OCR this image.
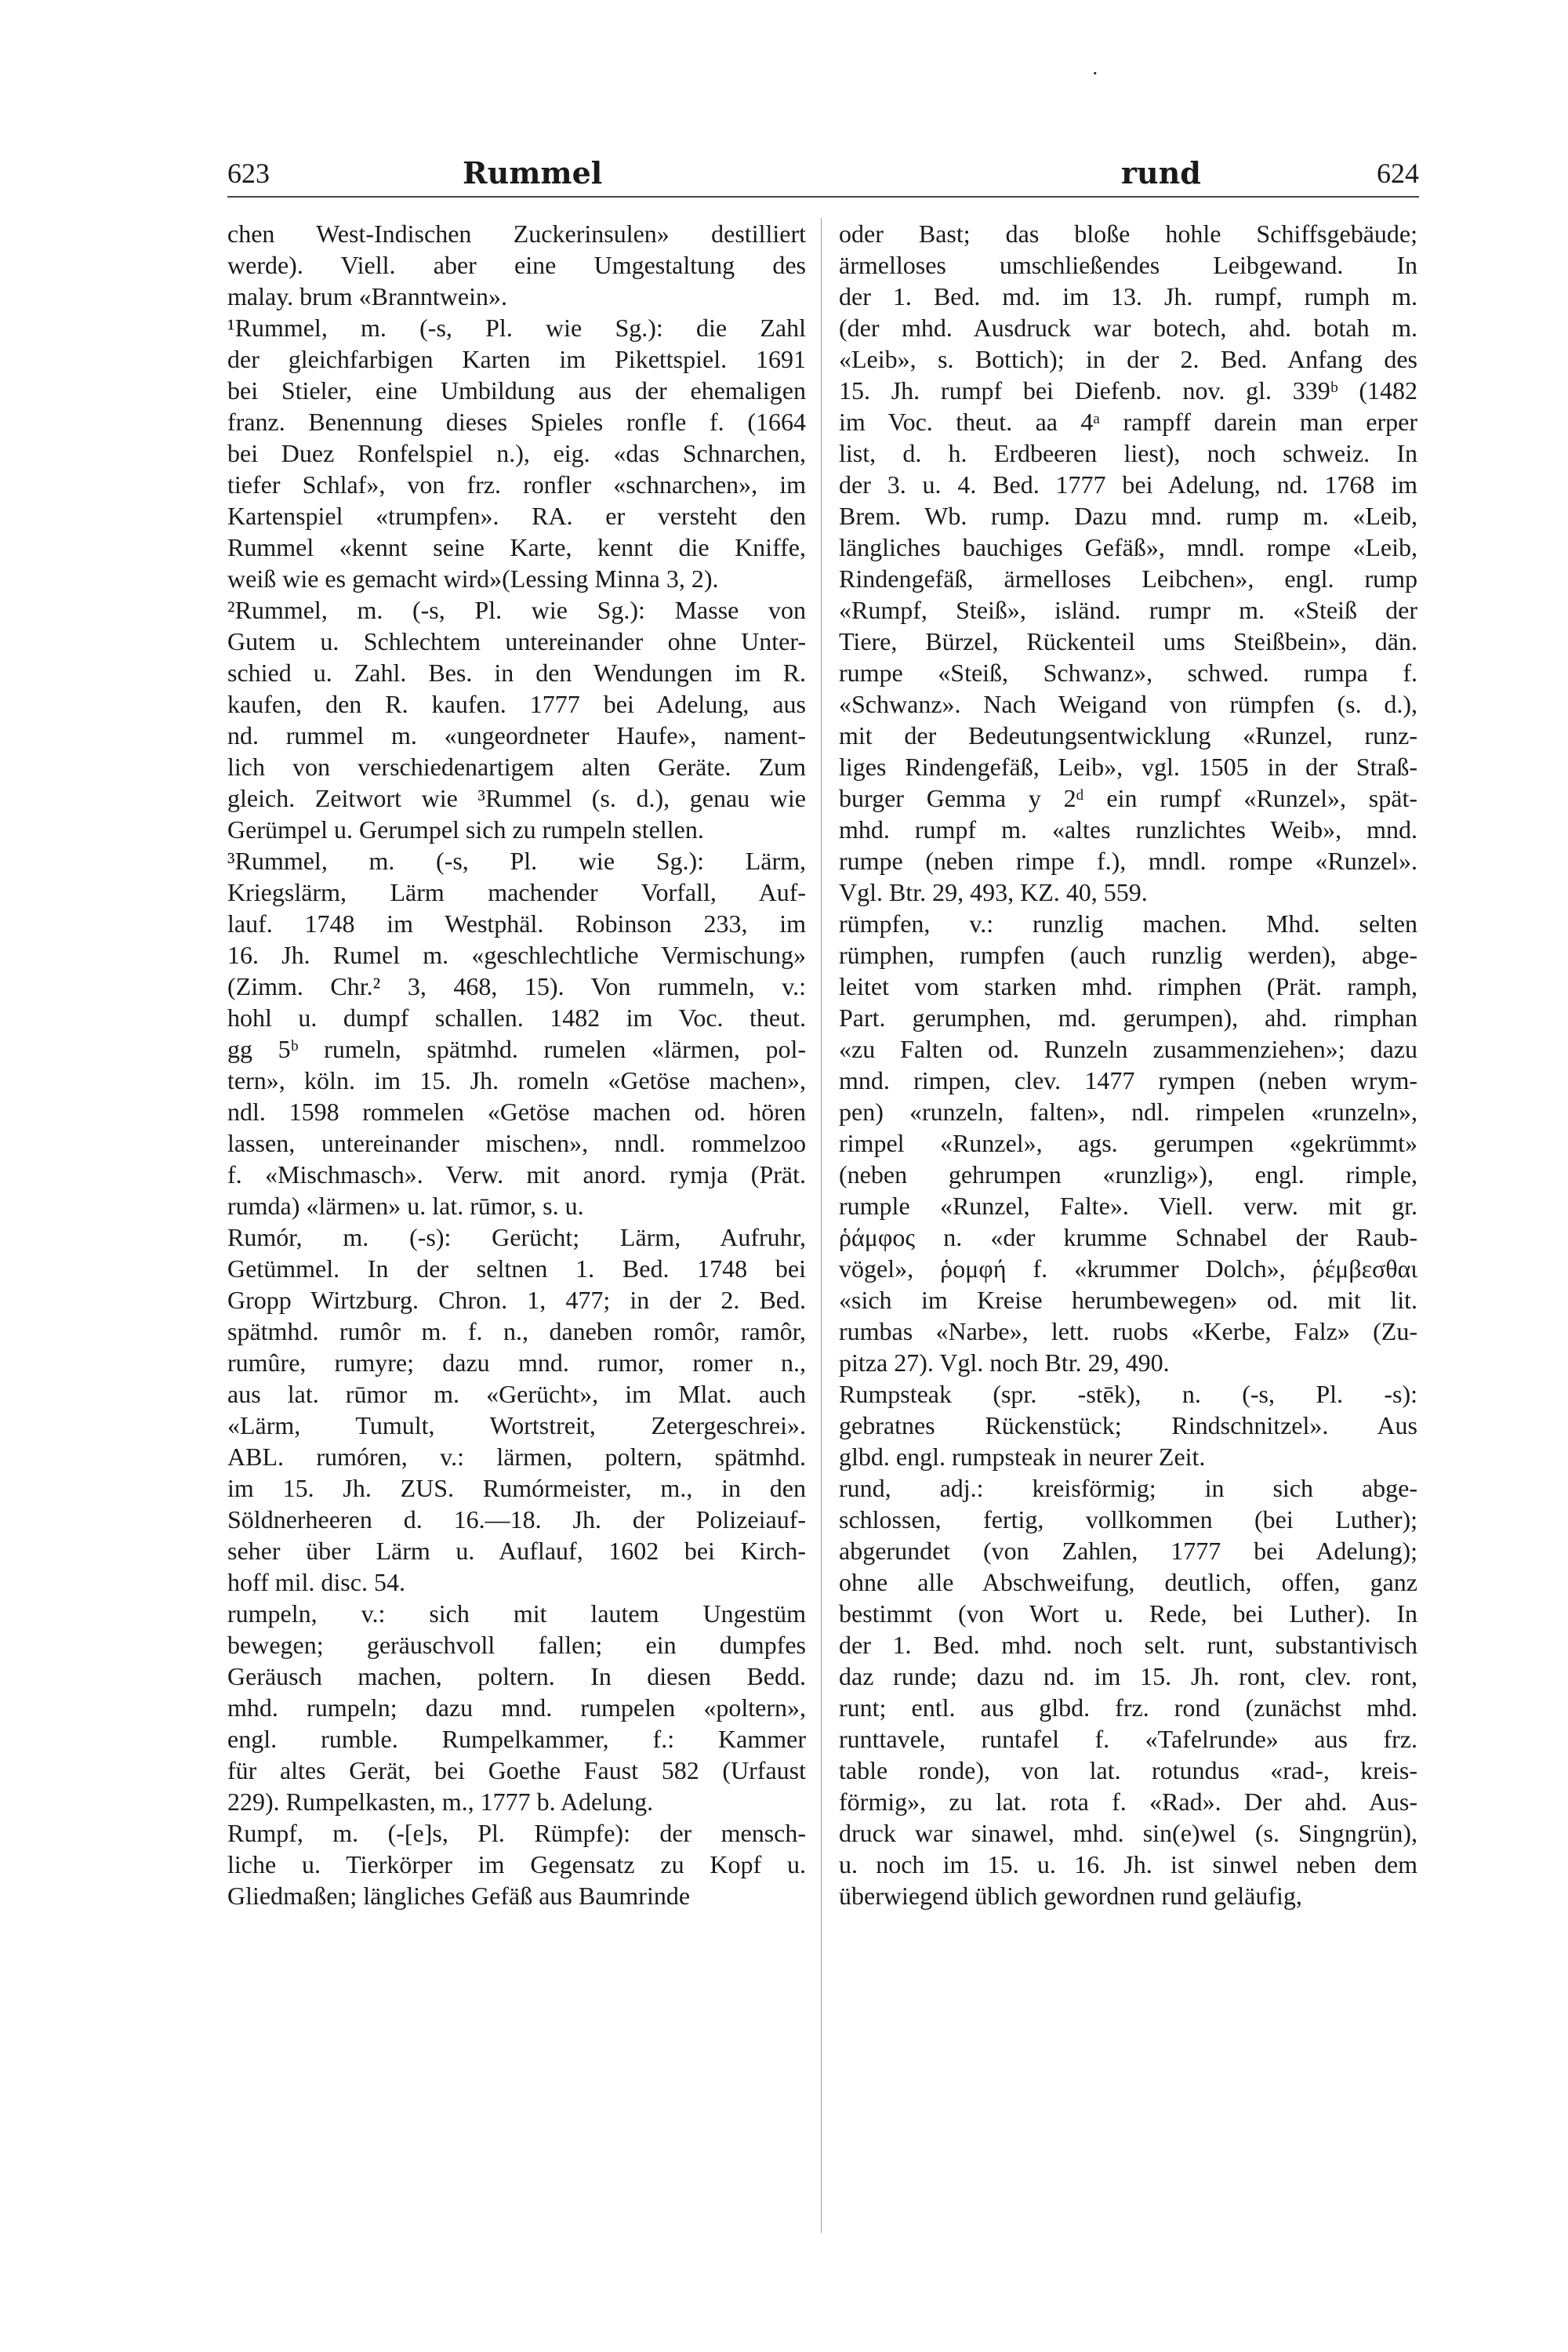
·
623	Rummel	rund	624
chen West-Indischen Zuckerinsulen» destilliert
werde). Viell. aber eine Umgestaltung des
malay. brum «Branntwein».
¹Rummel, m. (-s, Pl. wie Sg.): die Zahl
der gleichfarbigen Karten im Pikettspiel. 1691
bei Stieler, eine Umbildung aus der ehemaligen
franz. Benennung dieses Spieles ronfle f. (1664
bei Duez Ronfelspiel n.), eig. «das Schnarchen,
tiefer Schlaf», von frz. ronfler «schnarchen», im
Kartenspiel «trumpfen». RA. er versteht den
Rummel «kennt seine Karte, kennt die Kniffe,
weiß wie es gemacht wird»(Lessing Minna 3, 2).
²Rummel, m. (-s, Pl. wie Sg.): Masse von
Gutem u. Schlechtem untereinander ohne Unter-
schied u. Zahl. Bes. in den Wendungen im R.
kaufen, den R. kaufen. 1777 bei Adelung, aus
nd. rummel m. «ungeordneter Haufe», nament-
lich von verschiedenartigem alten Geräte. Zum
gleich. Zeitwort wie ³Rummel (s. d.), genau wie
Gerümpel u. Gerumpel sich zu rumpeln stellen.
³Rummel, m. (-s, Pl. wie Sg.): Lärm,
Kriegslärm, Lärm machender Vorfall, Auf-
lauf. 1748 im Westphäl. Robinson 233, im
16. Jh. Rumel m. «geschlechtliche Vermischung»
(Zimm. Chr.² 3, 468, 15). Von rummeln, v.:
hohl u. dumpf schallen. 1482 im Voc. theut.
gg 5ᵇ rumeln, spätmhd. rumelen «lärmen, pol-
tern», köln. im 15. Jh. romeln «Getöse machen»,
ndl. 1598 rommelen «Getöse machen od. hören
lassen, untereinander mischen», nndl. rommelzoo
f. «Mischmasch». Verw. mit anord. rymja (Prät.
rumda) «lärmen» u. lat. rūmor, s. u.
Rumór, m. (-s): Gerücht; Lärm, Aufruhr,
Getümmel. In der seltnen 1. Bed. 1748 bei
Gropp Wirtzburg. Chron. 1, 477; in der 2. Bed.
spätmhd. rumôr m. f. n., daneben romôr, ramôr,
rumûre, rumyre; dazu mnd. rumor, romer n.,
aus lat. rūmor m. «Gerücht», im Mlat. auch
«Lärm, Tumult, Wortstreit, Zetergeschrei».
ABL. rumóren, v.: lärmen, poltern, spätmhd.
im 15. Jh. ZUS. Rumórmeister, m., in den
Söldnerheeren d. 16.—18. Jh. der Polizeiauf-
seher über Lärm u. Auflauf, 1602 bei Kirch-
hoff mil. disc. 54.
rumpeln, v.: sich mit lautem Ungestüm
bewegen; geräuschvoll fallen; ein dumpfes
Geräusch machen, poltern. In diesen Bedd.
mhd. rumpeln; dazu mnd. rumpelen «poltern»,
engl. rumble. Rumpelkammer, f.: Kammer
für altes Gerät, bei Goethe Faust 582 (Urfaust
229). Rumpelkasten, m., 1777 b. Adelung.
Rumpf, m. (-[e]s, Pl. Rümpfe): der mensch-
liche u. Tierkörper im Gegensatz zu Kopf u.
Gliedmaßen; längliches Gefäß aus Baumrinde
oder Bast; das bloße hohle Schiffsgebäude;
ärmelloses umschließendes Leibgewand. In
der 1. Bed. md. im 13. Jh. rumpf, rumph m.
(der mhd. Ausdruck war botech, ahd. botah m.
«Leib», s. Bottich); in der 2. Bed. Anfang des
15. Jh. rumpf bei Diefenb. nov. gl. 339ᵇ (1482
im Voc. theut. aa 4ᵃ rampff darein man erper
list, d. h. Erdbeeren liest), noch schweiz. In
der 3. u. 4. Bed. 1777 bei Adelung, nd. 1768 im
Brem. Wb. rump. Dazu mnd. rump m. «Leib,
längliches bauchiges Gefäß», mndl. rompe «Leib,
Rindengefäß, ärmelloses Leibchen», engl. rump
«Rumpf, Steiß», isländ. rumpr m. «Steiß der
Tiere, Bürzel, Rückenteil ums Steißbein», dän.
rumpe «Steiß, Schwanz», schwed. rumpa f.
«Schwanz». Nach Weigand von rümpfen (s. d.),
mit der Bedeutungsentwicklung «Runzel, runz-
liges Rindengefäß, Leib», vgl. 1505 in der Straß-
burger Gemma y 2ᵈ ein rumpf «Runzel», spät-
mhd. rumpf m. «altes runzlichtes Weib», mnd.
rumpe (neben rimpe f.), mndl. rompe «Runzel».
Vgl. Btr. 29, 493, KZ. 40, 559.
rümpfen, v.: runzlig machen. Mhd. selten
rümphen, rumpfen (auch runzlig werden), abge-
leitet vom starken mhd. rimphen (Prät. ramph,
Part. gerumphen, md. gerumpen), ahd. rimphan
«zu Falten od. Runzeln zusammenziehen»; dazu
mnd. rimpen, clev. 1477 rympen (neben wrym-
pen) «runzeln, falten», ndl. rimpelen «runzeln»,
rimpel «Runzel», ags. gerumpen «gekrümmt»
(neben gehrumpen «runzlig»), engl. rimple,
rumple «Runzel, Falte». Viell. verw. mit gr.
ῥάμφος n. «der krumme Schnabel der Raub-
vögel», ῥομφή f. «krummer Dolch», ῥέμβεσθαι
«sich im Kreise herumbewegen» od. mit lit.
rumbas «Narbe», lett. ruobs «Kerbe, Falz» (Zu-
pitza 27). Vgl. noch Btr. 29, 490.
Rumpsteak (spr. -stēk), n. (-s, Pl. -s):
gebratnes Rückenstück; Rindschnitzel». Aus
glbd. engl. rumpsteak in neurer Zeit.
rund, adj.: kreisförmig; in sich abge-
schlossen, fertig, vollkommen (bei Luther);
abgerundet (von Zahlen, 1777 bei Adelung);
ohne alle Abschweifung, deutlich, offen, ganz
bestimmt (von Wort u. Rede, bei Luther). In
der 1. Bed. mhd. noch selt. runt, substantivisch
daz runde; dazu nd. im 15. Jh. ront, clev. ront,
runt; entl. aus glbd. frz. rond (zunächst mhd.
runttavele, runtafel f. «Tafelrunde» aus frz.
table ronde), von lat. rotundus «rad-, kreis-
förmig», zu lat. rota f. «Rad». Der ahd. Aus-
druck war sinawel, mhd. sin(e)wel (s. Singngrün),
u. noch im 15. u. 16. Jh. ist sinwel neben dem
überwiegend üblich gewordnen rund geläufig,
